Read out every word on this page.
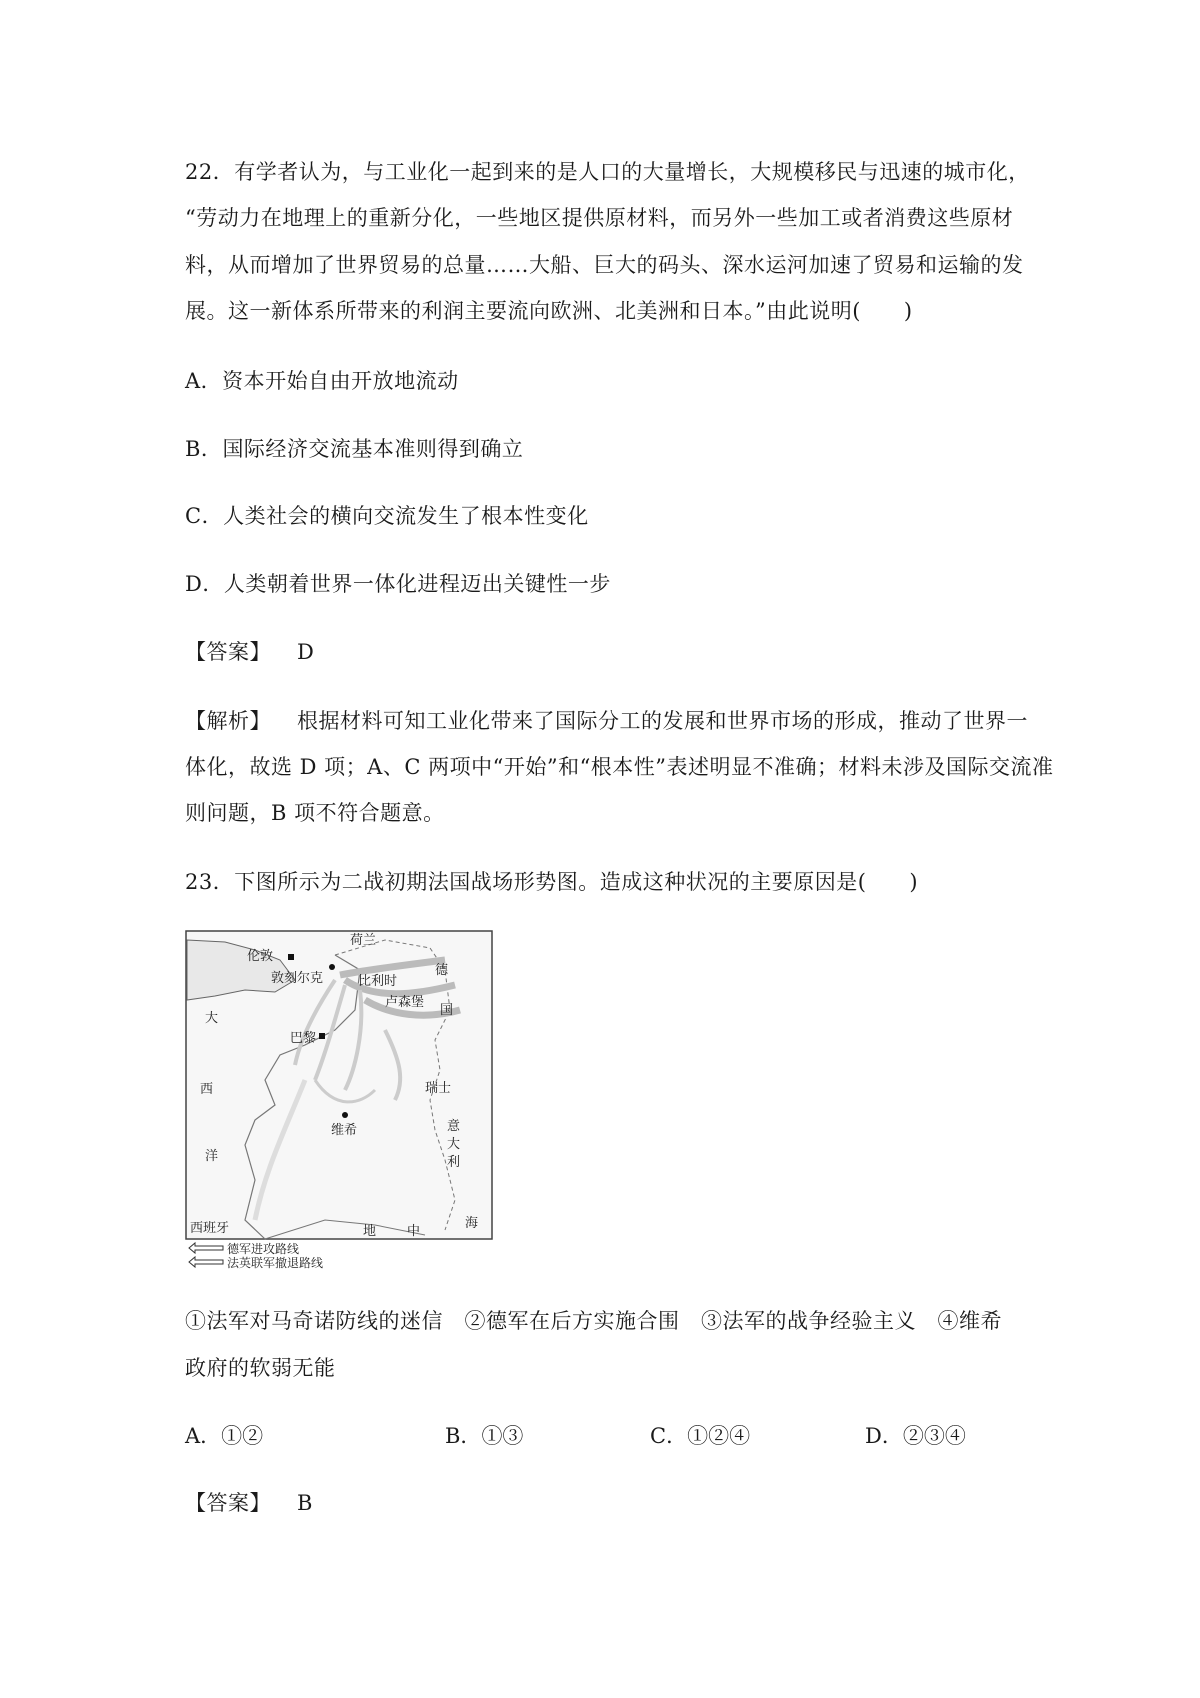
22．有学者认为，与工业化一起到来的是人口的大量增长，大规模移民与迅速的城市化，
“劳动力在地理上的重新分化，一些地区提供原材料，而另外一些加工或者消费这些原材
料，从而增加了世界贸易的总量……大船、巨大的码头、深水运河加速了贸易和运输的发
展。这一新体系所带来的利润主要流向欧洲、北美洲和日本。”由此说明(　　)
A．资本开始自由开放地流动
B．国际经济交流基本准则得到确立
C．人类社会的横向交流发生了根本性变化
D．人类朝着世界一体化进程迈出关键性一步
【答案】 D
【解析】 根据材料可知工业化带来了国际分工的发展和世界市场的形成，推动了世界一
体化，故选 D 项；A、C 两项中“开始”和“根本性”表述明显不准确；材料未涉及国际交流准
则问题，B 项不符合题意。
23．下图所示为二战初期法国战场形势图。造成这种状况的主要原因是(　　)
荷兰
伦敦
敦刻尔克
德
比利时
卢森堡
国
大
巴黎
瑞士
西
维希	意
大
利
洋
西班牙	地 中
海
德军进攻路线
法英联军撤退路线
①法军对马奇诺防线的迷信　②德军在后方实施合围　③法军的战争经验主义　④维希
政府的软弱无能
A．①②	B．①③	C．①②④	D．②③④
【答案】 B
